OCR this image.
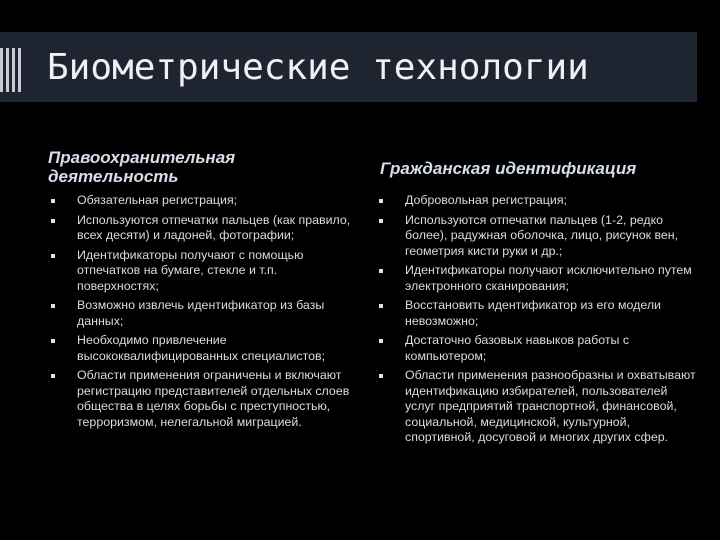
Биометрические технологии
Правоохранительная деятельность	Гражданская идентификация
Обязательная регистрация;
Используются отпечатки пальцев (как правило, всех десяти) и ладоней, фотографии;
Идентификаторы получают с помощью отпечатков на бумаге, стекле и т.п. поверхностях;
Возможно извлечь идентификатор из базы данных;
Необходимо привлечение высококвалифицированных специалистов;
Области применения ограничены и включают регистрацию представителей отдельных слоев общества в целях борьбы с преступностью, терроризмом, нелегальной миграцией.
Добровольная регистрация;
Используются отпечатки пальцев (1-2, редко более), радужная оболочка, лицо, рисунок вен, геометрия кисти руки и др.;
Идентификаторы получают исключительно путем электронного сканирования;
Восстановить идентификатор из его модели невозможно;
Достаточно базовых навыков работы с компьютером;
Области применения разнообразны и охватывают идентификацию избирателей, пользователей услуг предприятий транспортной, финансовой, социальной, медицинской, культурной, спортивной, досуговой и многих других сфер.
